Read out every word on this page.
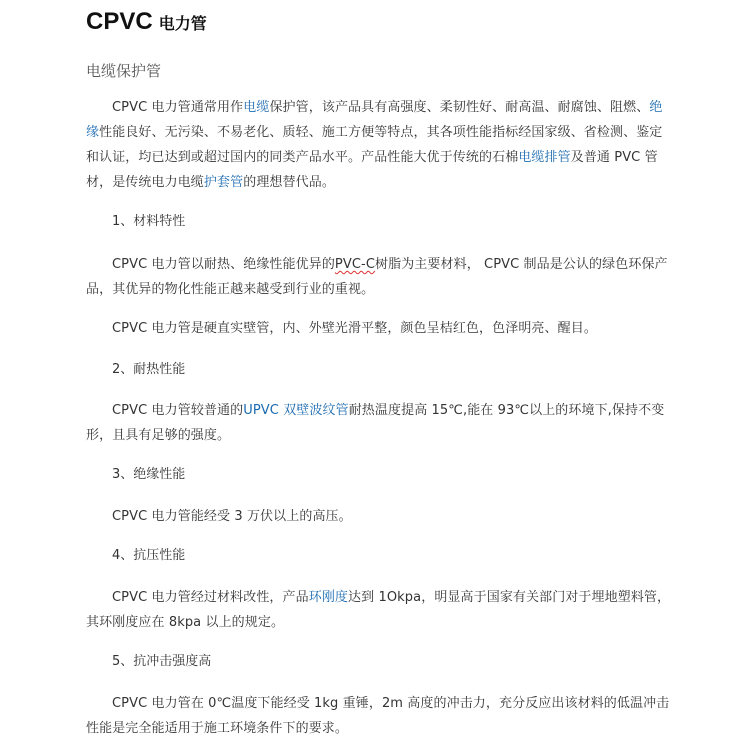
CPVC 电力管
电缆保护管

CPVC 电力管通常用作电缆保护管，该产品具有高强度、柔韧性好、耐高温、耐腐蚀、阻燃、绝缘性能良好、无污染、不易老化、质轻、施工方便等特点，其各项性能指标经国家级、省检测、鉴定和认证，均已达到或超过国内的同类产品水平。产品性能大优于传统的石棉电缆排管及普通 PVC 管材，是传统电力电缆护套管的理想替代品。

1、材料特性

CPVC 电力管以耐热、绝缘性能优异的PVC-C树脂为主要材料， CPVC 制品是公认的绿色环保产品，其优异的物化性能正越来越受到行业的重视。

CPVC 电力管是硬直实壁管，内、外壁光滑平整，颜色呈桔红色，色泽明亮、醒目。

2、耐热性能

CPVC 电力管较普通的UPVC 双壁波纹管耐热温度提高 15℃,能在 93℃以上的环境下,保持不变形，且具有足够的强度。

3、绝缘性能

CPVC 电力管能经受 3 万伏以上的高压。

4、抗压性能

CPVC 电力管经过材料改性，产品环刚度达到 1Okpa，明显高于国家有关部门对于埋地塑料管，其环刚度应在 8kpa 以上的规定。

5、抗冲击强度高

CPVC 电力管在 0℃温度下能经受 1kg 重锤，2m 高度的冲击力，充分反应出该材料的低温冲击性能是完全能适用于施工环境条件下的要求。
